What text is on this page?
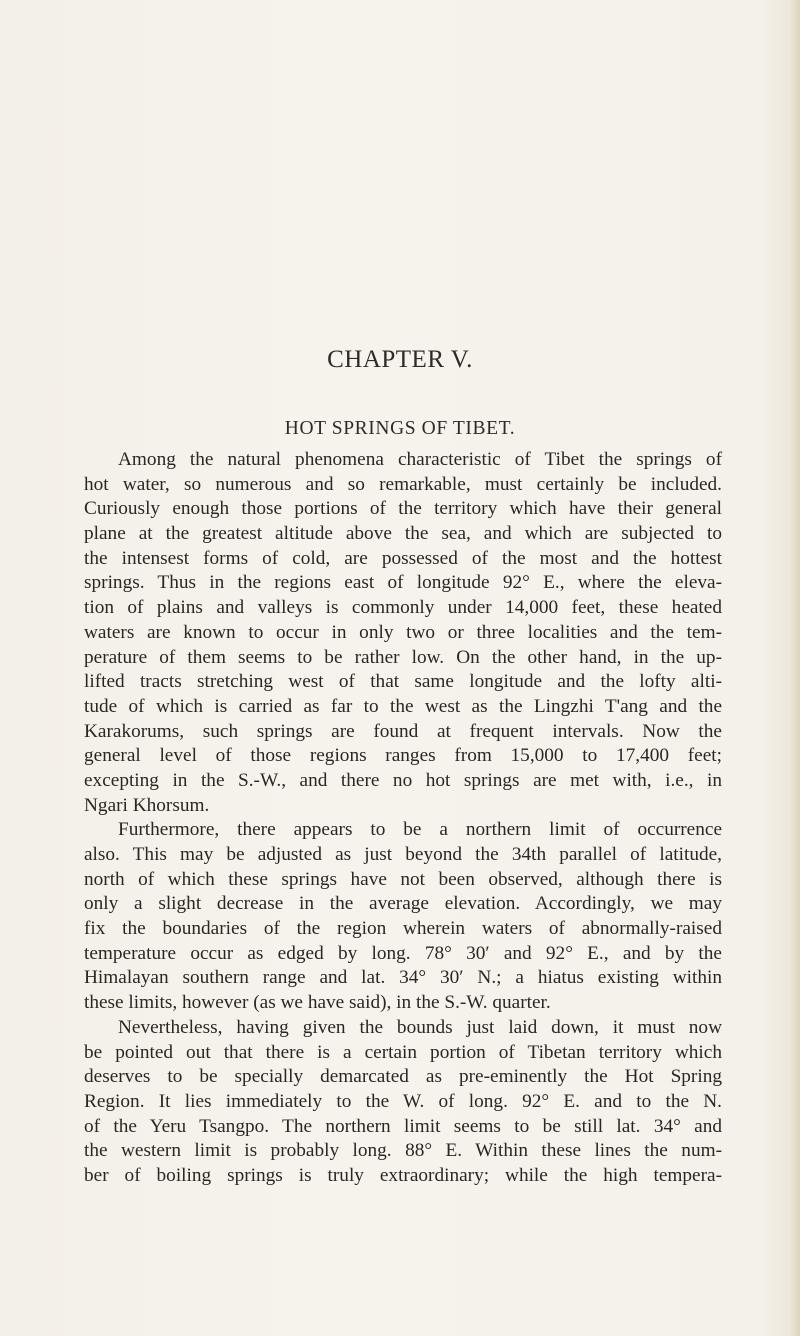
CHAPTER V.
HOT SPRINGS OF TIBET.
Among the natural phenomena characteristic of Tibet the springs of
hot water, so numerous and so remarkable, must certainly be included.
Curiously enough those portions of the territory which have their general
plane at the greatest altitude above the sea, and which are subjected to
the intensest forms of cold, are possessed of the most and the hottest
springs. Thus in the regions east of longitude 92° E., where the eleva-
tion of plains and valleys is commonly under 14,000 feet, these heated
waters are known to occur in only two or three localities and the tem-
perature of them seems to be rather low. On the other hand, in the up-
lifted tracts stretching west of that same longitude and the lofty alti-
tude of which is carried as far to the west as the Lingzhi T'ang and the
Karakorums, such springs are found at frequent intervals. Now the
general level of those regions ranges from 15,000 to 17,400 feet;
excepting in the S.-W., and there no hot springs are met with, i.e., in
Ngari Khorsum.
Furthermore, there appears to be a northern limit of occurrence
also. This may be adjusted as just beyond the 34th parallel of latitude,
north of which these springs have not been observed, although there is
only a slight decrease in the average elevation. Accordingly, we may
fix the boundaries of the region wherein waters of abnormally-raised
temperature occur as edged by long. 78° 30′ and 92° E., and by the
Himalayan southern range and lat. 34° 30′ N.; a hiatus existing within
these limits, however (as we have said), in the S.-W. quarter.
Nevertheless, having given the bounds just laid down, it must now
be pointed out that there is a certain portion of Tibetan territory which
deserves to be specially demarcated as pre-eminently the Hot Spring
Region. It lies immediately to the W. of long. 92° E. and to the N.
of the Yeru Tsangpo. The northern limit seems to be still lat. 34° and
the western limit is probably long. 88° E. Within these lines the num-
ber of boiling springs is truly extraordinary; while the high tempera-
